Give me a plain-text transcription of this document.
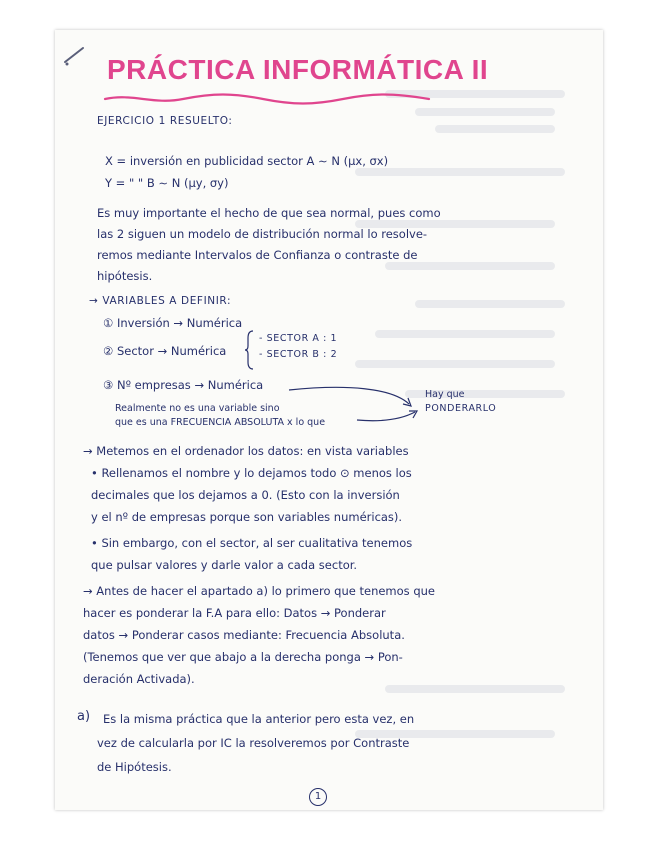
PRÁCTICA INFORMÁTICA II
EJERCICIO 1 RESUELTO:
X = inversión en publicidad sector A ∼ N (μx, σx)
Y = " " B ∼ N (μy, σy)
Es muy importante el hecho de que sea normal, pues como
las 2 siguen un modelo de distribución normal lo resolve-
remos mediante Intervalos de Confianza o contraste de
hipótesis.
→ VARIABLES A DEFINIR:
① Inversión → Numérica
② Sector → Numérica
- SECTOR A : 1
- SECTOR B : 2
③ Nº empresas → Numérica
Hay que
PONDERARLO
Realmente no es una variable sino
que es una FRECUENCIA ABSOLUTA x lo que
→ Metemos en el ordenador los datos: en vista variables
• Rellenamos el nombre y lo dejamos todo ⊙ menos los
decimales que los dejamos a 0. (Esto con la inversión
y el nº de empresas porque son variables numéricas).
• Sin embargo, con el sector, al ser cualitativa tenemos
que pulsar valores y darle valor a cada sector.
→ Antes de hacer el apartado a) lo primero que tenemos que
hacer es ponderar la F.A para ello: Datos → Ponderar
datos → Ponderar casos mediante: Frecuencia Absoluta.
(Tenemos que ver que abajo a la derecha ponga → Pon-
deración Activada).
a) Es la misma práctica que la anterior pero esta vez, en
vez de calcularla por IC la resolveremos por Contraste
de Hipótesis.
1
